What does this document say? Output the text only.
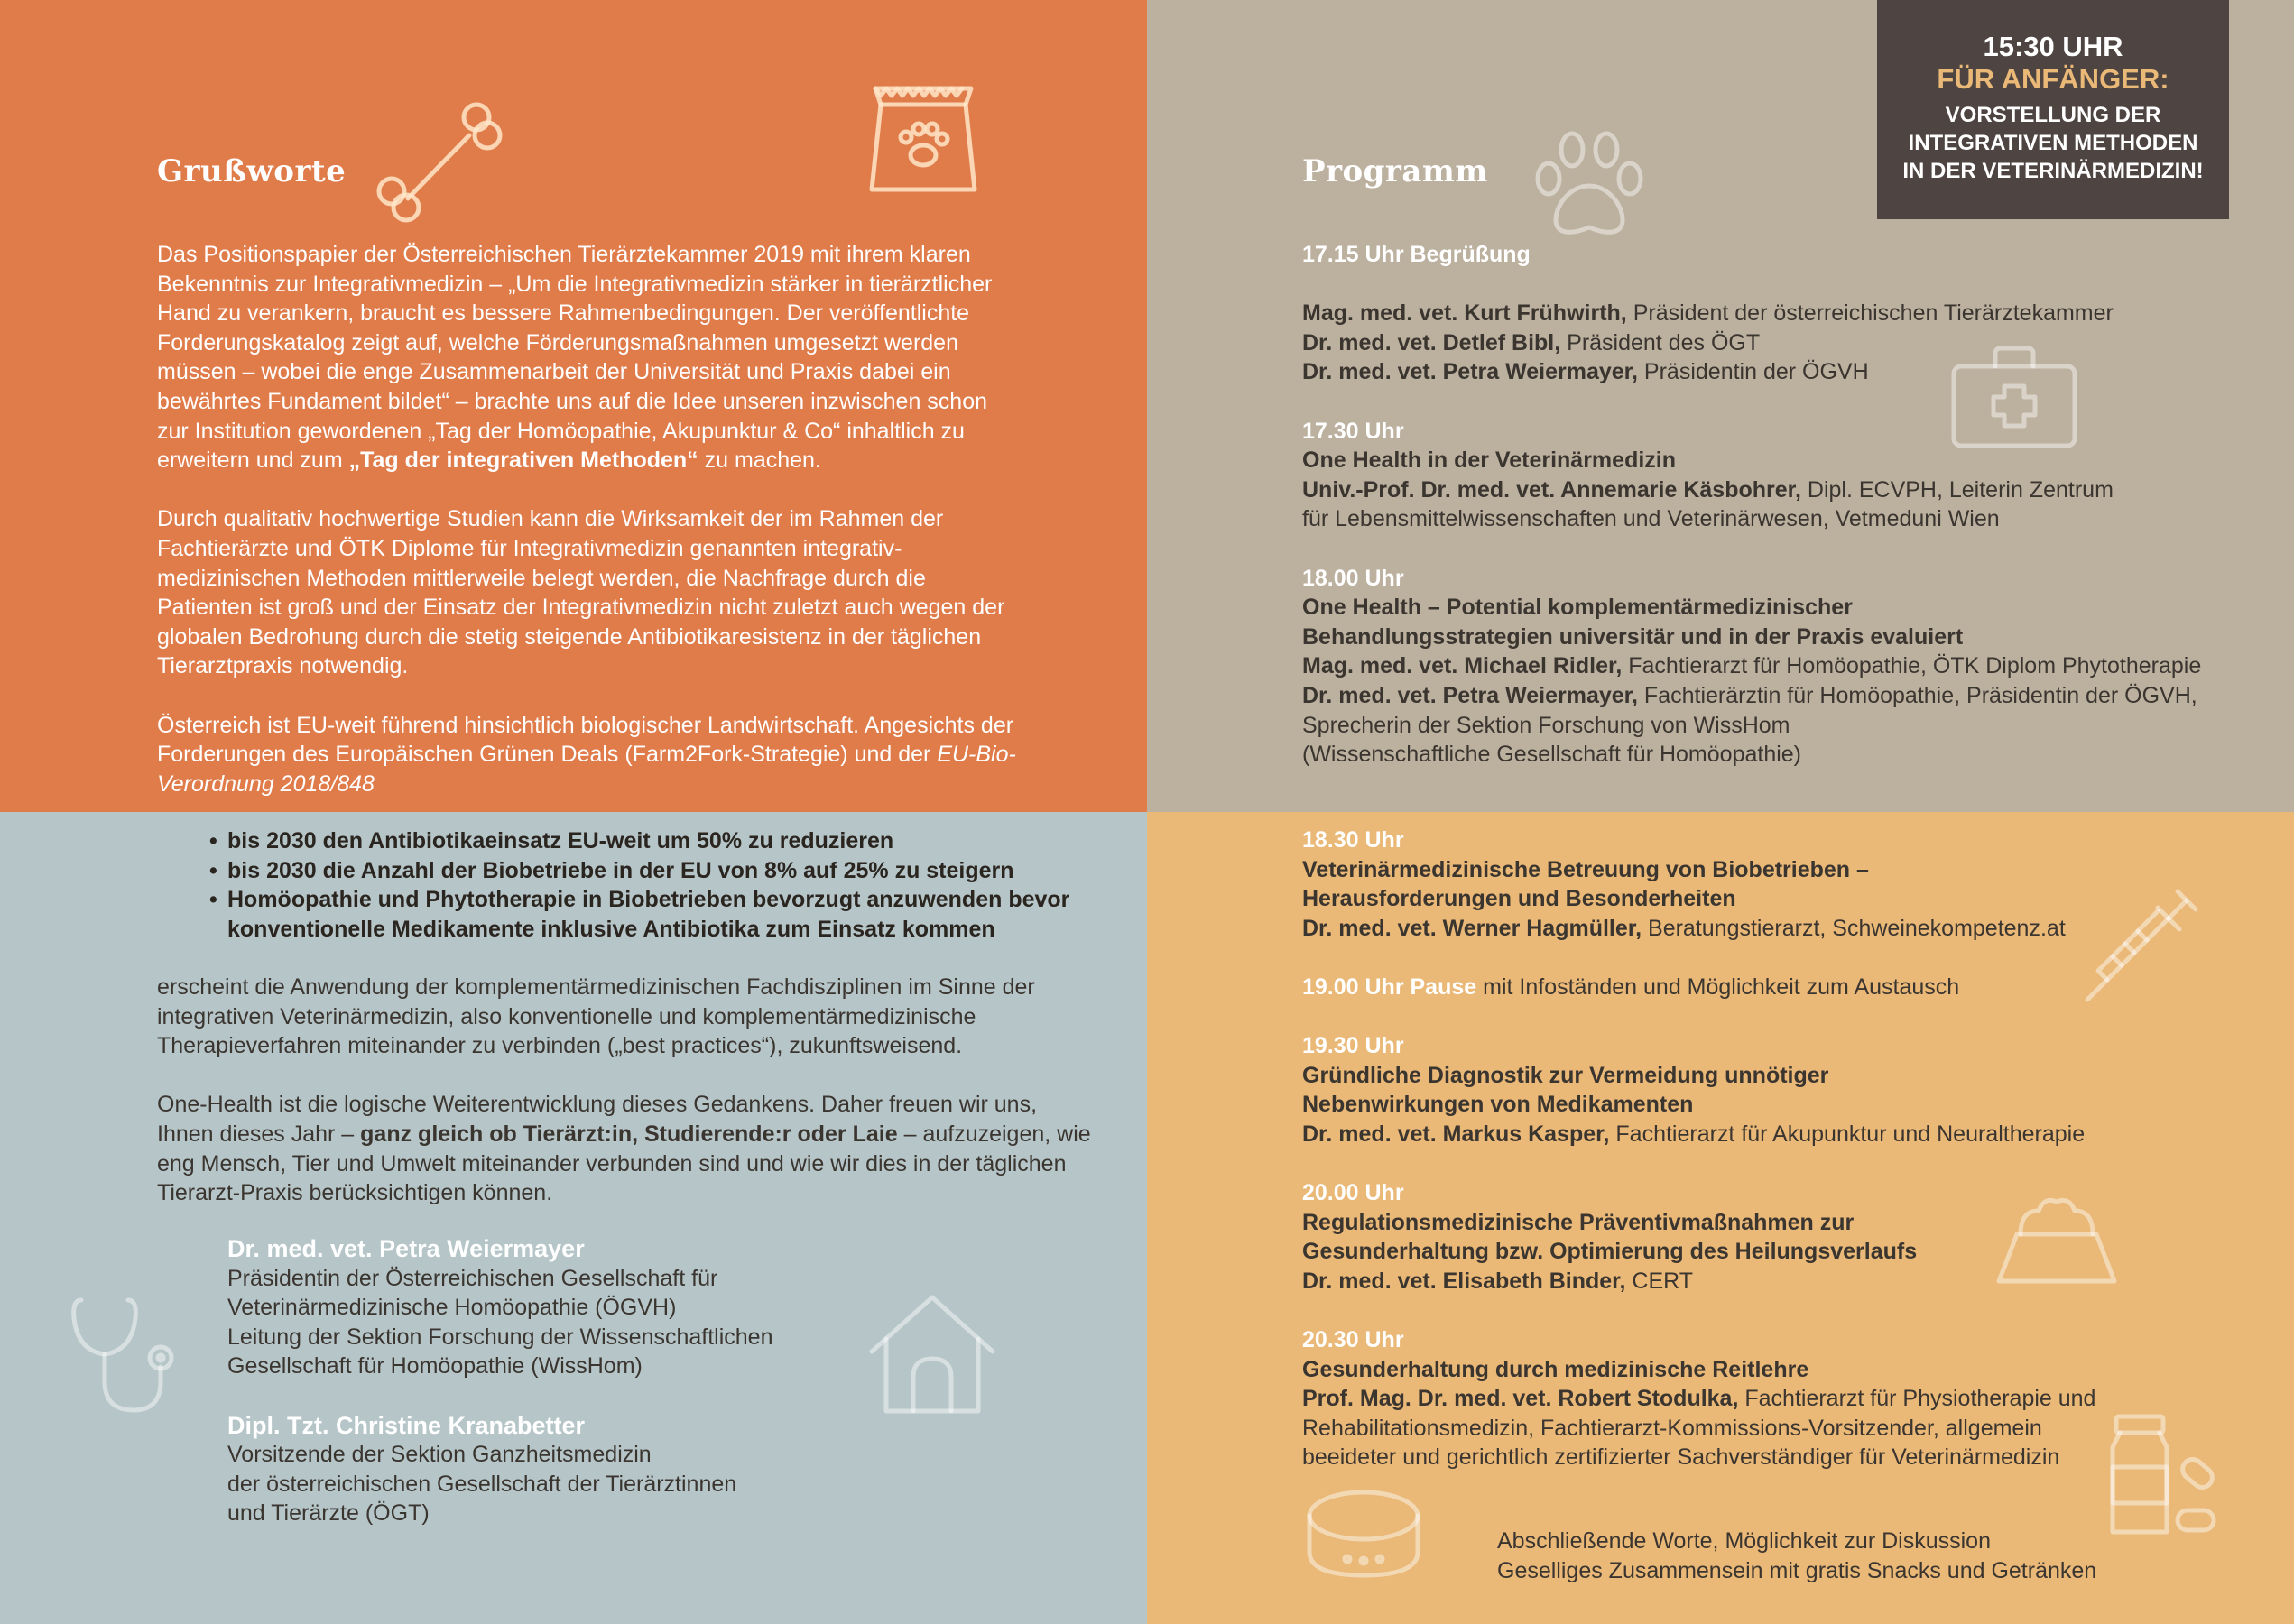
Grußworte

Das Positionspapier der Österreichischen Tierärztekammer 2019 mit ihrem klaren Bekenntnis zur Integrativmedizin – „Um die Integrativmedizin stärker in tierärztlicher Hand zu verankern, braucht es bessere Rahmenbedingungen. Der veröffentlichte Forderungskatalog zeigt auf, welche Förderungsmaßnahmen umgesetzt werden müssen – wobei die enge Zusammenarbeit der Universität und Praxis dabei ein bewährtes Fundament bildet“ – brachte uns auf die Idee unseren inzwischen schon zur Institution gewordenen „Tag der Homöopathie, Akupunktur & Co“ inhaltlich zu erweitern und zum „Tag der integrativen Methoden“ zu machen.

Durch qualitativ hochwertige Studien kann die Wirksamkeit der im Rahmen der Fachtierärzte und ÖTK Diplome für Integrativmedizin genannten integrativ-medizinischen Methoden mittlerweile belegt werden, die Nachfrage durch die Patienten ist groß und der Einsatz der Integrativmedizin nicht zuletzt auch wegen der globalen Bedrohung durch die stetig steigende Antibiotikaresistenz in der täglichen Tierarztpraxis notwendig.

Österreich ist EU-weit führend hinsichtlich biologischer Landwirtschaft. Angesichts der Forderungen des Europäischen Grünen Deals (Farm2Fork-Strategie) und der EU-Bio-Verordnung 2018/848

Programm
17.15 Uhr Begrüßung
Mag. med. vet. Kurt Frühwirth, Präsident der österreichischen Tierärztekammer
Dr. med. vet. Detlef Bibl, Präsident des ÖGT
Dr. med. vet. Petra Weiermayer, Präsidentin der ÖGVH
17.30 Uhr
One Health in der Veterinärmedizin
Univ.-Prof. Dr. med. vet. Annemarie Käsbohrer, Dipl. ECVPH, Leiterin Zentrum
für Lebensmittelwissenschaften und Veterinärwesen, Vetmeduni Wien
18.00 Uhr
One Health – Potential komplementärmedizinischer
Behandlungsstrategien universitär und in der Praxis evaluiert
Mag. med. vet. Michael Ridler, Fachtierarzt für Homöopathie, ÖTK Diplom Phytotherapie
Dr. med. vet. Petra Weiermayer, Fachtierärztin für Homöopathie, Präsidentin der ÖGVH,
Sprecherin der Sektion Forschung von WissHom
(Wissenschaftliche Gesellschaft für Homöopathie)
15:30 UHR
FÜR ANFÄNGER:
VORSTELLUNG DER
INTEGRATIVEN METHODEN
IN DER VETERINÄRMEDIZIN!
• bis 2030 den Antibiotikaeinsatz EU-weit um 50% zu reduzieren
• bis 2030 die Anzahl der Biobetriebe in der EU von 8% auf 25% zu steigern
• Homöopathie und Phytotherapie in Biobetrieben bevorzugt anzuwenden bevor konventionelle Medikamente inklusive Antibiotika zum Einsatz kommen

erscheint die Anwendung der komplementärmedizinischen Fachdisziplinen im Sinne der integrativen Veterinärmedizin, also konventionelle und komplementärmedizinische Therapieverfahren miteinander zu verbinden („best practices“), zukunftsweisend.

One-Health ist die logische Weiterentwicklung dieses Gedankens. Daher freuen wir uns, Ihnen dieses Jahr – ganz gleich ob Tierärzt:in, Studierende:r oder Laie – aufzuzeigen, wie eng Mensch, Tier und Umwelt miteinander verbunden sind und wie wir dies in der täglichen Tierarzt-Praxis berücksichtigen können.

Dr. med. vet. Petra Weiermayer
Präsidentin der Österreichischen Gesellschaft für
Veterinärmedizinische Homöopathie (ÖGVH)
Leitung der Sektion Forschung der Wissenschaftlichen
Gesellschaft für Homöopathie (WissHom)
Dipl. Tzt. Christine Kranabetter
Vorsitzende der Sektion Ganzheitsmedizin
der österreichischen Gesellschaft der Tierärztinnen
und Tierärzte (ÖGT)
18.30 Uhr
Veterinärmedizinische Betreuung von Biobetrieben –
Herausforderungen und Besonderheiten
Dr. med. vet. Werner Hagmüller, Beratungstierarzt, Schweinekompetenz.at
19.00 Uhr Pause mit Infoständen und Möglichkeit zum Austausch
19.30 Uhr
Gründliche Diagnostik zur Vermeidung unnötiger
Nebenwirkungen von Medikamenten
Dr. med. vet. Markus Kasper, Fachtierarzt für Akupunktur und Neuraltherapie
20.00 Uhr
Regulationsmedizinische Präventivmaßnahmen zur
Gesunderhaltung bzw. Optimierung des Heilungsverlaufs
Dr. med. vet. Elisabeth Binder, CERT
20.30 Uhr
Gesunderhaltung durch medizinische Reitlehre
Prof. Mag. Dr. med. vet. Robert Stodulka, Fachtierarzt für Physiotherapie und
Rehabilitationsmedizin, Fachtierarzt-Kommissions-Vorsitzender, allgemein
beeideter und gerichtlich zertifizierter Sachverständiger für Veterinärmedizin
Abschließende Worte, Möglichkeit zur Diskussion
Geselliges Zusammensein mit gratis Snacks und Getränken
